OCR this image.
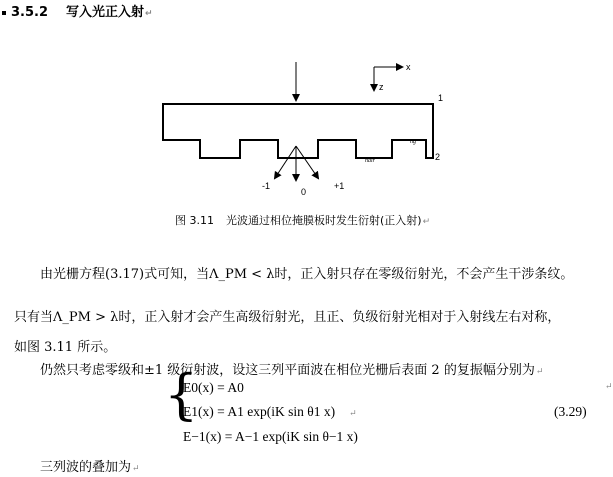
3.5.2 写入光正入射↵
x
z
1
2
ng
nair
-1
0
+1
图 3.11 光波通过相位掩膜板时发生衍射(正入射)↵
由光栅方程(3.17)式可知，当Λ_PM < λ时，正入射只存在零级衍射光，不会产生干涉条纹。
只有当Λ_PM > λ时，正入射才会产生高级衍射光，且正、负级衍射光相对于入射线左右对称，
如图 3.11 所示。
仍然只考虑零级和±1 级衍射波，设这三列平面波在相位光栅后表面 2 的复振幅分别为↵
{
E0(x) = A0	↵
E1(x) = A1 exp(iK sin θ1 x) ↵	(3.29)
E−1(x) = A−1 exp(iK sin θ−1 x)
三列波的叠加为↵
